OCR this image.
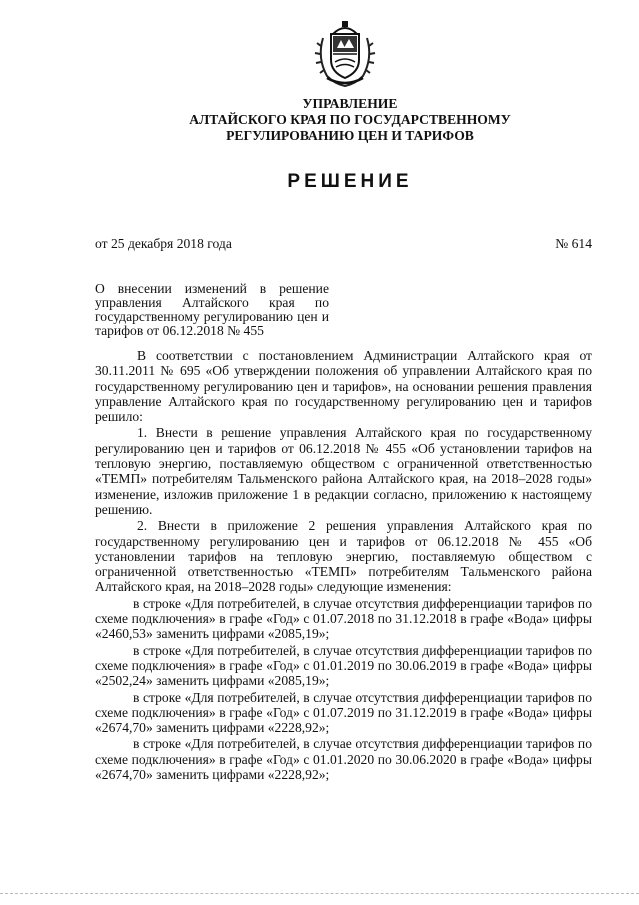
УПРАВЛЕНИЕ
АЛТАЙСКОГО КРАЯ ПО ГОСУДАРСТВЕННОМУ
РЕГУЛИРОВАНИЮ ЦЕН И ТАРИФОВ
РЕШЕНИЕ
от 25 декабря 2018 года	№ 614
О внесении изменений в решение управления Алтайского края по государственному регулированию цен и тарифов от 06.12.2018 № 455

В соответствии с постановлением Администрации Алтайского края от 30.11.2011 № 695 «Об утверждении положения об управлении Алтайского края по государственному регулированию цен и тарифов», на основании решения правления управление Алтайского края по государственному регулированию цен и тарифов решило:

1. Внести в решение управления Алтайского края по государственному регулированию цен и тарифов от 06.12.2018 № 455 «Об установлении тарифов на тепловую энергию, поставляемую обществом с ограниченной ответственностью «ТЕМП» потребителям Тальменского района Алтайского края, на 2018–2028 годы» изменение, изложив приложение 1 в редакции согласно, приложению к настоящему решению.

2. Внести в приложение 2 решения управления Алтайского края по государственному регулированию цен и тарифов от 06.12.2018 № 455 «Об установлении тарифов на тепловую энергию, поставляемую обществом с ограниченной ответственностью «ТЕМП» потребителям Тальменского района Алтайского края, на 2018–2028 годы» следующие изменения:

в строке «Для потребителей, в случае отсутствия дифференциации тарифов по схеме подключения» в графе «Год» с 01.07.2018 по 31.12.2018 в графе «Вода» цифры «2460,53» заменить цифрами «2085,19»;

в строке «Для потребителей, в случае отсутствия дифференциации тарифов по схеме подключения» в графе «Год» с 01.01.2019 по 30.06.2019 в графе «Вода» цифры «2502,24» заменить цифрами «2085,19»;

в строке «Для потребителей, в случае отсутствия дифференциации тарифов по схеме подключения» в графе «Год» с 01.07.2019 по 31.12.2019 в графе «Вода» цифры «2674,70» заменить цифрами «2228,92»;

в строке «Для потребителей, в случае отсутствия дифференциации тарифов по схеме подключения» в графе «Год» с 01.01.2020 по 30.06.2020 в графе «Вода» цифры «2674,70» заменить цифрами «2228,92»;
